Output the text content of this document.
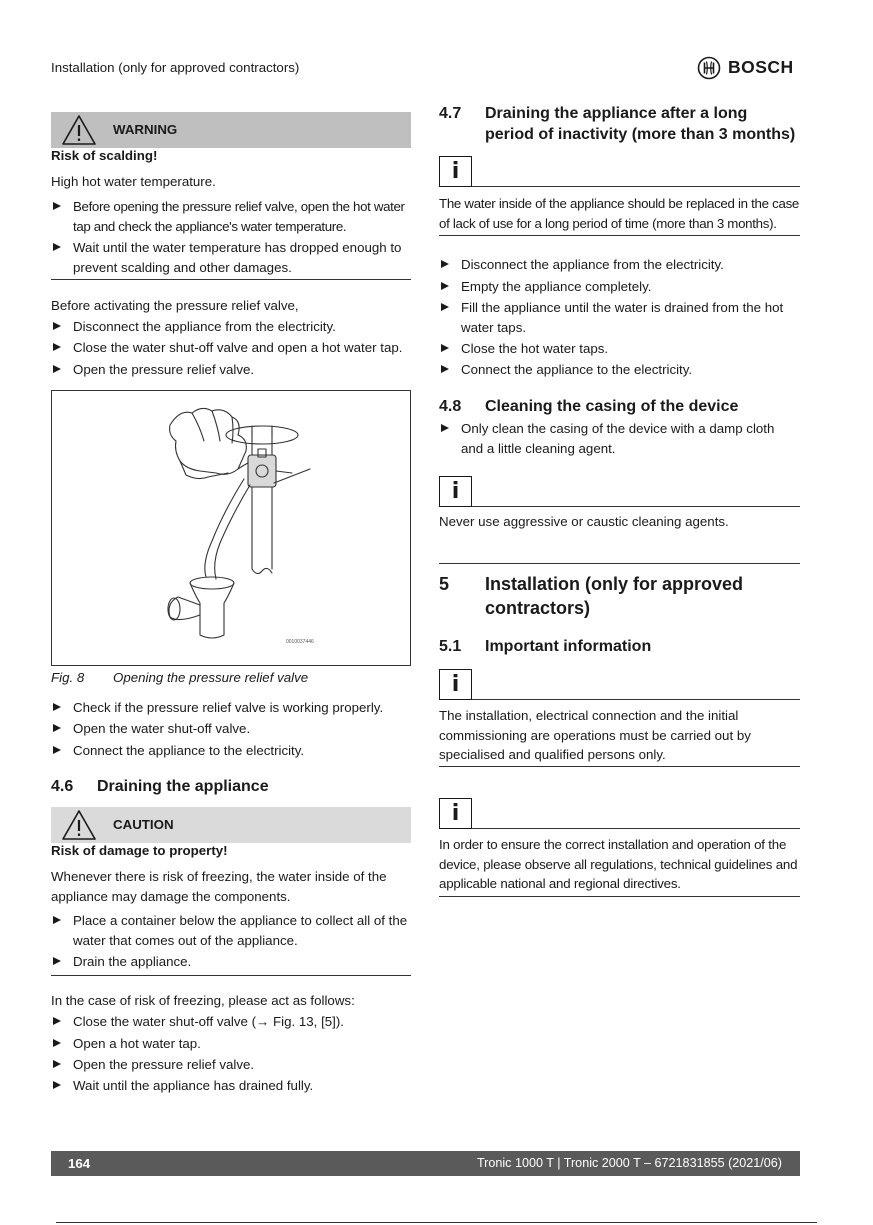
Installation (only for approved contractors)	BOSCH
WARNING
Risk of scalding!
High hot water temperature.
Before opening the pressure relief valve, open the hot water tap and check the appliance's water temperature.
Wait until the water temperature has dropped enough to prevent scalding and other damages.
Before activating the pressure relief valve,
Disconnect the appliance from the electricity.
Close the water shut-off valve and open a hot water tap.
Open the pressure relief valve.
0010037446
Fig. 8 Opening the pressure relief valve
Check if the pressure relief valve is working properly.
Open the water shut-off valve.
Connect the appliance to the electricity.
4.6	Draining the appliance
CAUTION
Risk of damage to property!
Whenever there is risk of freezing, the water inside of the appliance may damage the components.
Place a container below the appliance to collect all of the water that comes out of the appliance.
Drain the appliance.
In the case of risk of freezing, please act as follows:
Close the water shut-off valve (→ Fig. 13, [5]).
Open a hot water tap.
Open the pressure relief valve.
Wait until the appliance has drained fully.
4.7	Draining the appliance after a long period of inactivity (more than 3 months)
i
The water inside of the appliance should be replaced in the case of lack of use for a long period of time (more than 3 months).
Disconnect the appliance from the electricity.
Empty the appliance completely.
Fill the appliance until the water is drained from the hot water taps.
Close the hot water taps.
Connect the appliance to the electricity.
4.8	Cleaning the casing of the device
Only clean the casing of the device with a damp cloth and a little cleaning agent.
i
Never use aggressive or caustic cleaning agents.
5	Installation (only for approved contractors)
5.1	Important information
i
The installation, electrical connection and the initial commissioning are operations must be carried out by specialised and qualified persons only.
i
In order to ensure the correct installation and operation of the device, please observe all regulations, technical guidelines and applicable national and regional directives.
164	Tronic 1000 T | Tronic 2000 T – 6721831855 (2021/06)
